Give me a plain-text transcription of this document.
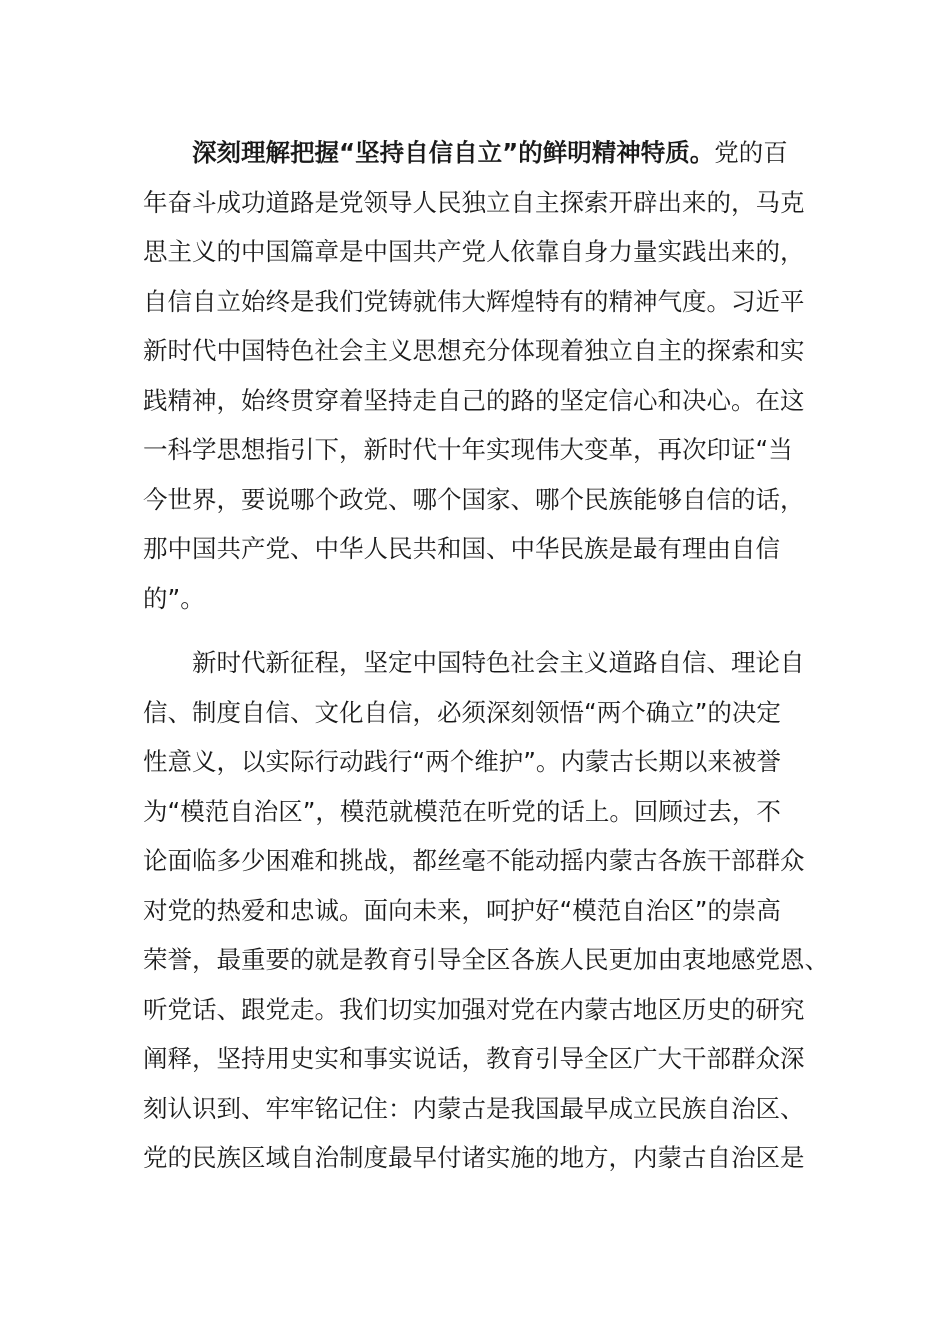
深刻理解把握“坚持自信自立”的鲜明精神特质。党的百
年奋斗成功道路是党领导人民独立自主探索开辟出来的，马克
思主义的中国篇章是中国共产党人依靠自身力量实践出来的，
自信自立始终是我们党铸就伟大辉煌特有的精神气度。习近平
新时代中国特色社会主义思想充分体现着独立自主的探索和实
践精神，始终贯穿着坚持走自己的路的坚定信心和决心。在这
一科学思想指引下，新时代十年实现伟大变革，再次印证“当
今世界，要说哪个政党、哪个国家、哪个民族能够自信的话，
那中国共产党、中华人民共和国、中华民族是最有理由自信
的”。
新时代新征程，坚定中国特色社会主义道路自信、理论自
信、制度自信、文化自信，必须深刻领悟“两个确立”的决定
性意义，以实际行动践行“两个维护”。内蒙古长期以来被誉
为“模范自治区”，模范就模范在听党的话上。回顾过去，不
论面临多少困难和挑战，都丝毫不能动摇内蒙古各族干部群众
对党的热爱和忠诚。面向未来，呵护好“模范自治区”的崇高
荣誉，最重要的就是教育引导全区各族人民更加由衷地感党恩、
听党话、跟党走。我们切实加强对党在内蒙古地区历史的研究
阐释，坚持用史实和事实说话，教育引导全区广大干部群众深
刻认识到、牢牢铭记住：内蒙古是我国最早成立民族自治区、
党的民族区域自治制度最早付诸实施的地方，内蒙古自治区是
